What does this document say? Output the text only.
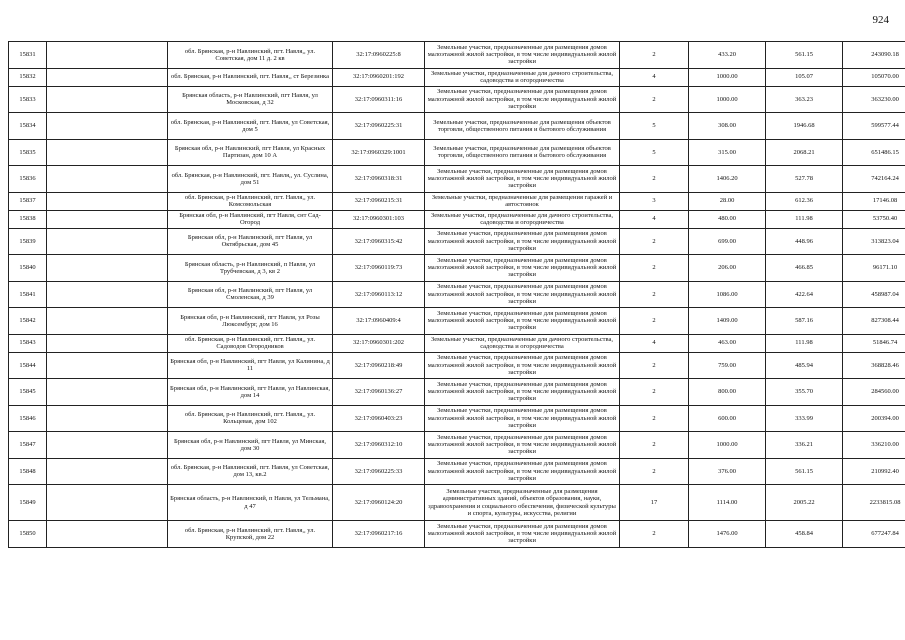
924
15831		обл. Брянская, р-н Навлинский, пгт. Навля,, ул. Советская, дом 11 д. 2 кв	32:17:0960225:8	Земельные участки, предназначенные для размещения домов малоэтажной жилой застройки, в том числе индивидуальной жилой застройки	2	433.20	561.15	243090.18
15832		обл. Брянская, р-н Навлинский, пгт. Навля,, ст Березинка	32:17:0960201:192	Земельные участки, предназначенные для дачного строительства, садоводства и огородничества	4	1000.00	105.07	105070.00
15833		Брянская область, р-н Навлинский, пгт Навля, ул Московская, д 32	32:17:0960311:16	Земельные участки, предназначенные для размещения домов малоэтажной жилой застройки, в том числе индивидуальной жилой застройки	2	1000.00	363.23	363230.00
15834		обл. Брянская, р-н Навлинский, пгт. Навля, ул Советская, дом 5	32:17:0960225:31	Земельные участки, предназначенные для размещения объектов торговли, общественного питания и бытового обслуживания	5	308.00	1946.68	599577.44
15835		Брянская обл, р-н Навлинский, пгт Навля, ул Красных Партизан, дом 10 А	32:17:0960329:1001	Земельные участки, предназначенные для размещения объектов торговли, общественного питания и бытового обслуживания	5	315.00	2068.21	651486.15
15836		обл. Брянская, р-н Навлинский, пгт. Навля,, ул. Суслина, дом 51	32:17:0960318:31	Земельные участки, предназначенные для размещения домов малоэтажной жилой застройки, в том числе индивидуальной жилой застройки	2	1406.20	527.78	742164.24
15837		обл. Брянская, р-н Навлинский, пгт. Навля,, ул. Комсомольская	32:17:0960215:31	Земельные участки, предназначенные для размещения гаражей и автостоянок	3	28.00	612.36	17146.08
15838		Брянская обл, р-н Навлинский, пгт Навля, снт Сад-Огород	32:17:0960301:103	Земельные участки, предназначенные для дачного строительства, садоводства и огородничества	4	480.00	111.98	53750.40
15839		Брянская обл, р-н Навлинский, пгт Навля, ул Октябрьская, дом 45	32:17:0960315:42	Земельные участки, предназначенные для размещения домов малоэтажной жилой застройки, в том числе индивидуальной жилой застройки	2	699.00	448.96	313823.04
15840		Брянская область, р-н Навлинский, п Навля, ул Трубчевская, д 3, кв 2	32:17:0960119:73	Земельные участки, предназначенные для размещения домов малоэтажной жилой застройки, в том числе индивидуальной жилой застройки	2	206.00	466.85	96171.10
15841		Брянская обл, р-н Навлинский, пгт Навля, ул Смоленская, д 39	32:17:0960113:12	Земельные участки, предназначенные для размещения домов малоэтажной жилой застройки, в том числе индивидуальной жилой застройки	2	1086.00	422.64	458987.04
15842		Брянская обл, р-н Навлинский, пгт Навля, ул Розы Люксембург, дом 16	32:17:0960409:4	Земельные участки, предназначенные для размещения домов малоэтажной жилой застройки, в том числе индивидуальной жилой застройки	2	1409.00	587.16	827308.44
15843		обл. Брянская, р-н Навлинский, пгт. Навля,, ул. Садоводов Огородников	32:17:0960301:202	Земельные участки, предназначенные для дачного строительства, садоводства и огородничества	4	463.00	111.98	51846.74
15844		Брянская обл, р-н Навлинский, пгт Навля, ул Калинина, д 11	32:17:0960218:49	Земельные участки, предназначенные для размещения домов малоэтажной жилой застройки, в том числе индивидуальной жилой застройки	2	759.00	485.94	368828.46
15845		Брянская обл, р-н Навлинский, пгт Навля, ул Навлинская, дом 14	32:17:0960136:27	Земельные участки, предназначенные для размещения домов малоэтажной жилой застройки, в том числе индивидуальной жилой застройки	2	800.00	355.70	284560.00
15846		обл. Брянская, р-н Навлинский, пгт. Навля,, ул. Кольцевая, дом 102	32:17:0960403:23	Земельные участки, предназначенные для размещения домов малоэтажной жилой застройки, в том числе индивидуальной жилой застройки	2	600.00	333.99	200394.00
15847		Брянская обл, р-н Навлинский, пгт Навля, ул Минская, дом 30	32:17:0960312:10	Земельные участки, предназначенные для размещения домов малоэтажной жилой застройки, в том числе индивидуальной жилой застройки	2	1000.00	336.21	336210.00
15848		обл. Брянская, р-н Навлинский, пгт. Навля, ул Советская, дом 13, кв.2	32:17:0960225:33	Земельные участки, предназначенные для размещения домов малоэтажной жилой застройки, в том числе индивидуальной жилой застройки	2	376.00	561.15	210992.40
15849		Брянская область, р-н Навлинский, п Навля, ул Тельмана, д 47	32:17:0960124:20	Земельные участки, предназначенные для размещения административных зданий, объектов образования, науки, здравоохранения и социального обеспечения, физической культуры и спорта, культуры, искусства, религии	17	1114.00	2005.22	2233815.08
15850		обл. Брянская, р-н Навлинский, пгт. Навля,, ул. Крупской, дом 22	32:17:0960217:16	Земельные участки, предназначенные для размещения домов малоэтажной жилой застройки, в том числе индивидуальной жилой застройки	2	1476.00	458.84	677247.84
